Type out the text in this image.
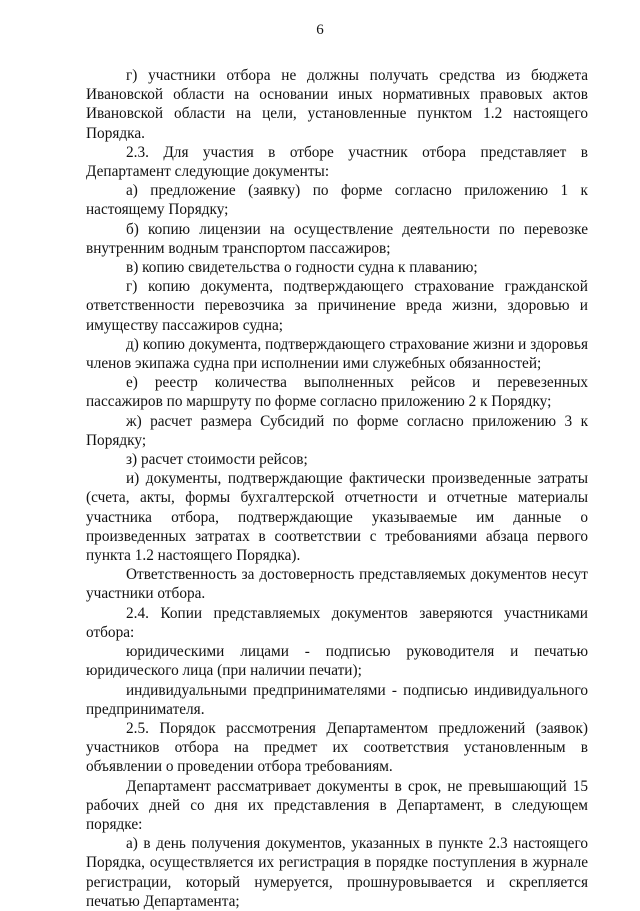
6

г) участники отбора не должны получать средства из бюджета Ивановской области на основании иных нормативных правовых актов Ивановской области на цели, установленные пунктом 1.2 настоящего Порядка.

2.3. Для участия в отборе участник отбора представляет в Департамент следующие документы:

а) предложение (заявку) по форме согласно приложению 1 к настоящему Порядку;

б) копию лицензии на осуществление деятельности по перевозке внутренним водным транспортом пассажиров;

в) копию свидетельства о годности судна к плаванию;

г) копию документа, подтверждающего страхование гражданской ответственности перевозчика за причинение вреда жизни, здоровью и имуществу пассажиров судна;

д) копию документа, подтверждающего страхование жизни и здоровья членов экипажа судна при исполнении ими служебных обязанностей;

е) реестр количества выполненных рейсов и перевезенных пассажиров по маршруту по форме согласно приложению 2 к Порядку;

ж) расчет размера Субсидий по форме согласно приложению 3 к Порядку;

з) расчет стоимости рейсов;

и) документы, подтверждающие фактически произведенные затраты (счета, акты, формы бухгалтерской отчетности и отчетные материалы участника отбора, подтверждающие указываемые им данные о произведенных затратах в соответствии с требованиями абзаца первого пункта 1.2 настоящего Порядка).

Ответственность за достоверность представляемых документов несут участники отбора.

2.4. Копии представляемых документов заверяются участниками отбора:

юридическими лицами - подписью руководителя и печатью юридического лица (при наличии печати);

индивидуальными предпринимателями - подписью индивидуального предпринимателя.

2.5. Порядок рассмотрения Департаментом предложений (заявок) участников отбора на предмет их соответствия установленным в объявлении о проведении отбора требованиям.

Департамент рассматривает документы в срок, не превышающий 15 рабочих дней со дня их представления в Департамент, в следующем порядке:

а) в день получения документов, указанных в пункте 2.3 настоящего Порядка, осуществляется их регистрация в порядке поступления в журнале регистрации, который нумеруется, прошнуровывается и скрепляется печатью Департамента;
